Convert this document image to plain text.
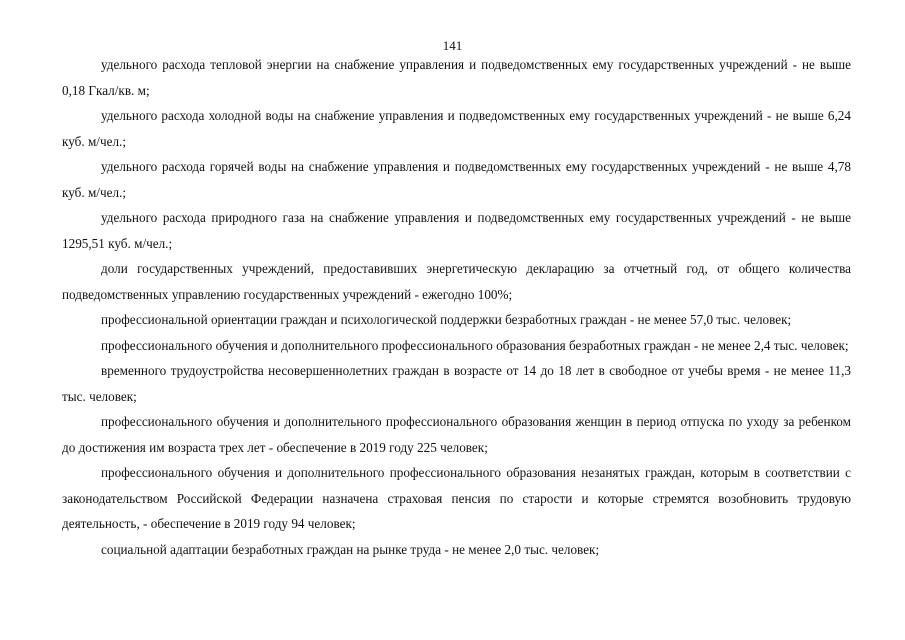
141

удельного расхода тепловой энергии на снабжение управления и подведомственных ему государственных учреждений - не выше 0,18 Гкал/кв. м;

удельного расхода холодной воды на снабжение управления и подведомственных ему государственных учреждений - не выше 6,24 куб. м/чел.;

удельного расхода горячей воды на снабжение управления и подведомственных ему государственных учреждений - не выше 4,78 куб. м/чел.;

удельного расхода природного газа на снабжение управления и подведомственных ему государственных учреждений - не выше 1295,51 куб. м/чел.;

доли государственных учреждений, предоставивших энергетическую декларацию за отчетный год, от общего количества подведомственных управлению государственных учреждений - ежегодно 100%;

профессиональной ориентации граждан и психологической поддержки безработных граждан - не менее 57,0 тыс. человек;

профессионального обучения и дополнительного профессионального образования безработных граждан - не менее 2,4 тыс. человек;

временного трудоустройства несовершеннолетних граждан в возрасте от 14 до 18 лет в свободное от учебы время - не менее 11,3 тыс. человек;

профессионального обучения и дополнительного профессионального образования женщин в период отпуска по уходу за ребенком до достижения им возраста трех лет - обеспечение в 2019 году 225 человек;

профессионального обучения и дополнительного профессионального образования незанятых граждан, которым в соответствии с законодательством Российской Федерации назначена страховая пенсия по старости и которые стремятся возобновить трудовую деятельность, - обеспечение в 2019 году 94 человек;

социальной адаптации безработных граждан на рынке труда - не менее 2,0 тыс. человек;
